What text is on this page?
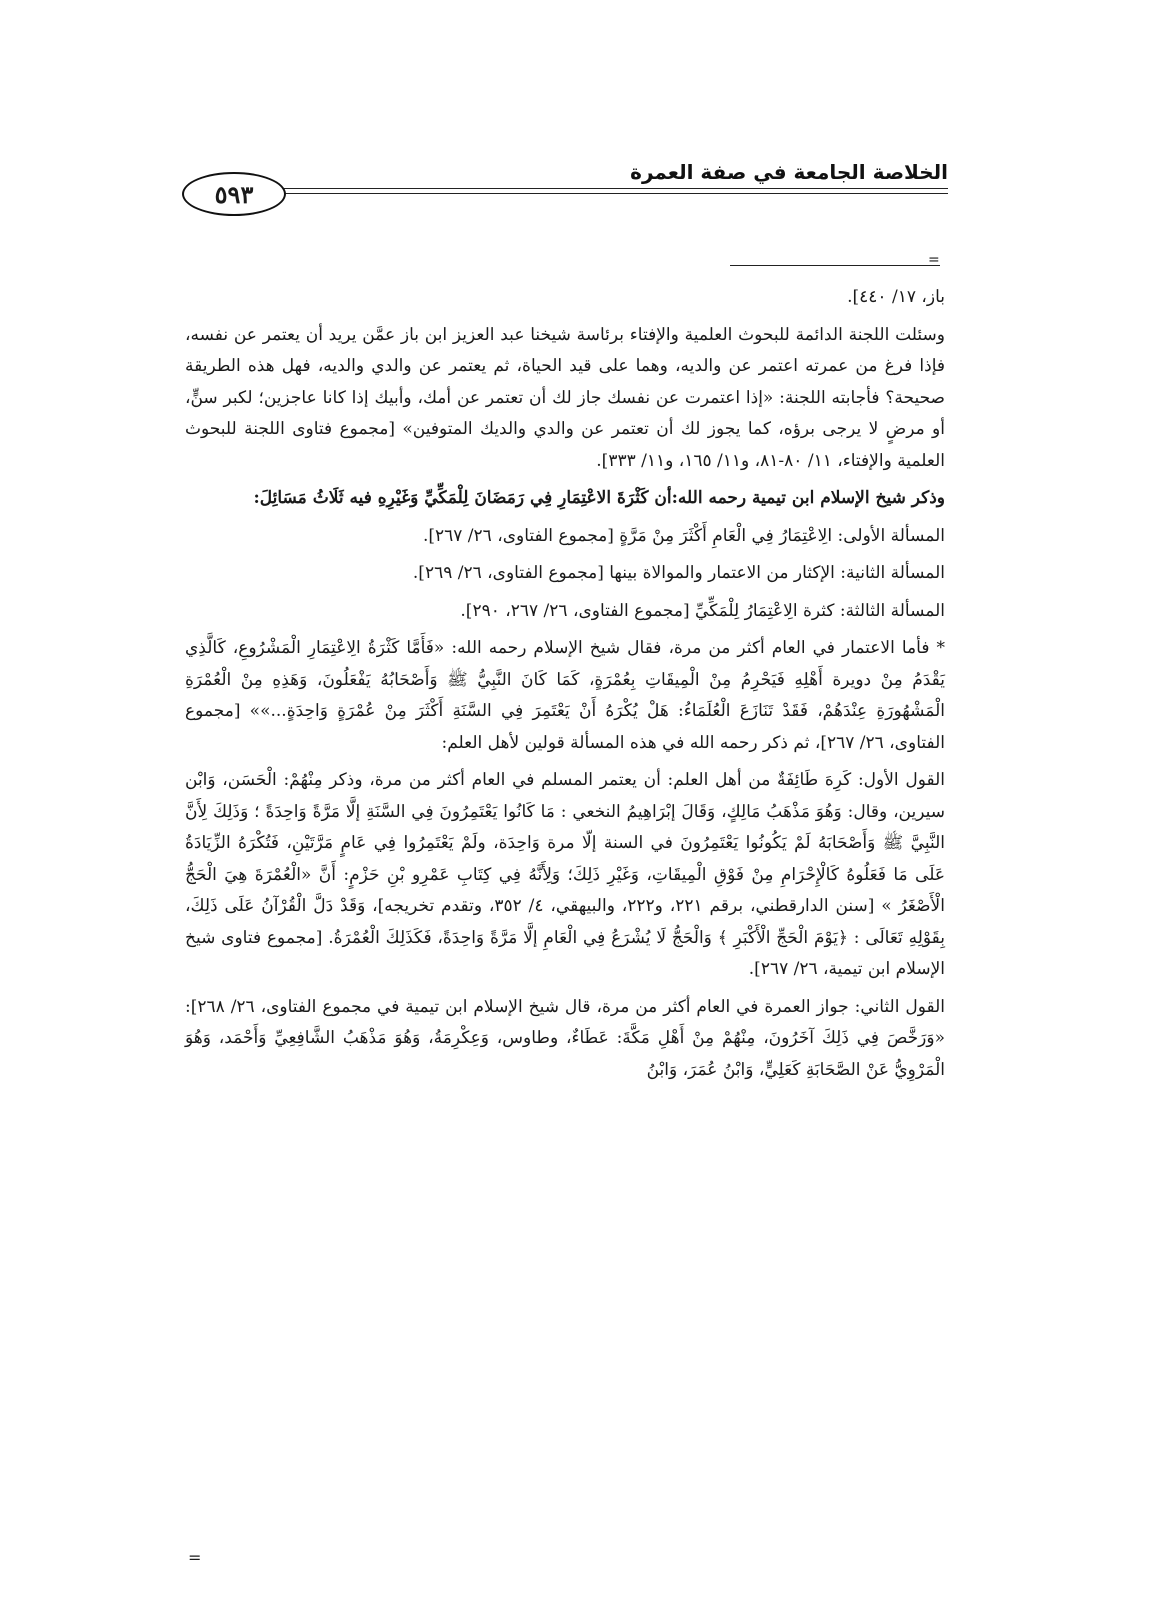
الخلاصة الجامعة في صفة العمرة
٥٩٣
=

باز، ١٧/ ٤٤٠].

وسئلت اللجنة الدائمة للبحوث العلمية والإفتاء برئاسة شيخنا عبد العزيز ابن باز عمَّن يريد أن يعتمر عن نفسه، فإذا فرغ من عمرته اعتمر عن والديه، وهما على قيد الحياة، ثم يعتمر عن والدي والديه، فهل هذه الطريقة صحيحة؟ فأجابته اللجنة: «إذا اعتمرت عن نفسك جاز لك أن تعتمر عن أمك، وأبيك إذا كانا عاجزين؛ لكبر سنٍّ، أو مرضٍ لا يرجى برؤه، كما يجوز لك أن تعتمر عن والدي والديك المتوفين» [مجموع فتاوى اللجنة للبحوث العلمية والإفتاء، ١١/ ٨٠-٨١، و١١/ ١٦٥، و١١/ ٣٣٣].

وذكر شيخ الإسلام ابن تيمية رحمه الله:أن كَثْرَةَ الاعْتِمَارِ فِي رَمَضَانَ لِلْمَكِّيِّ وَغَيْرِهِ فيه ثَلَاثُ مَسَائِلَ:

المسألة الأولى: الِاعْتِمَارُ فِي الْعَامِ أَكْثَرَ مِنْ مَرَّةٍ [مجموع الفتاوى، ٢٦/ ٢٦٧].

المسألة الثانية: الإكثار من الاعتمار والموالاة بينها [مجموع الفتاوى، ٢٦/ ٢٦٩].

المسألة الثالثة: كثرة الِاعْتِمَارُ لِلْمَكِّيِّ [مجموع الفتاوى، ٢٦/ ٢٦٧، ٢٩٠].

* فأما الاعتمار في العام أكثر من مرة، فقال شيخ الإسلام رحمه الله: «فَأَمَّا كَثْرَةُ الِاعْتِمَارِ الْمَشْرُوعِ، كَالَّذِي يَقْدَمُ مِنْ دويرة أَهْلِهِ فَيَحْرِمُ مِنْ الْمِيقَاتِ بِعُمْرَةٍ، كَمَا كَانَ النَّبِيُّ ﷺ وَأَصْحَابُهُ يَفْعَلُونَ، وَهَذِهِ مِنْ الْعُمْرَةِ الْمَشْهُورَةِ عِنْدَهُمْ، فَقَدْ تَنَازَعَ الْعُلَمَاءُ: هَلْ يُكْرَهُ أَنْ يَعْتَمِرَ فِي السَّنَةِ أَكْثَرَ مِنْ عُمْرَةٍ وَاحِدَةٍ...»» [مجموع الفتاوى، ٢٦/ ٢٦٧]، ثم ذكر رحمه الله في هذه المسألة قولين لأهل العلم:

القول الأول: كَرِهَ طَائِفَةٌ من أهل العلم: أن يعتمر المسلم في العام أكثر من مرة، وذكر مِنْهُمْ: الْحَسَن، وَابْن سيرين، وقال: وَهُوَ مَذْهَبُ مَالِكٍ، وَقَالَ إبْرَاهِيمُ النخعي : مَا كَانُوا يَعْتَمِرُونَ فِي السَّنَةِ إلَّا مَرَّةً وَاحِدَةً ؛ وَذَلِكَ لِأَنَّ النَّبِيَّ ﷺ وَأَصْحَابَهُ لَمْ يَكُونُوا يَعْتَمِرُونَ في السنة إلّا مرة وَاحِدَة، ولَمْ يَعْتَمِرُوا فِي عَامٍ مَرَّتَيْنِ، فَتُكْرَهُ الزِّيَادَةُ عَلَى مَا فَعَلُوهُ كَالْإِحْرَامِ مِنْ فَوْقِ الْمِيقَاتِ، وَغَيْرِ ذَلِكَ؛ وَلِأَنَّهُ فِي كِتَابِ عَمْرِو بْنِ حَزْمٍ: أَنَّ «الْعُمْرَةَ هِيَ الْحَجُّ الْأَصْغَرُ » [سنن الدارقطني، برقم ٢٢١، و٢٢٢، والبيهقي، ٤/ ٣٥٢، وتقدم تخريجه]، وَقَدْ دَلَّ الْقُرْآنُ عَلَى ذَلِكَ، بِقَوْلِهِ تَعَالَى : ﴿يَوْمَ الْحَجِّ الْأَكْبَرِ ﴾ وَالْحَجُّ لَا يُشْرَعُ فِي الْعَامِ إلَّا مَرَّةً وَاحِدَةً، فَكَذَلِكَ الْعُمْرَةُ. [مجموع فتاوى شيخ الإسلام ابن تيمية، ٢٦/ ٢٦٧].

القول الثاني: جواز العمرة في العام أكثر من مرة، قال شيخ الإسلام ابن تيمية في مجموع الفتاوى، ٢٦/ ٢٦٨]: «وَرَخَّصَ فِي ذَلِكَ آخَرُونَ، مِنْهُمْ مِنْ أَهْلِ مَكَّةَ: عَطَاءٌ، وطاوس، وَعِكْرِمَةُ، وَهُوَ مَذْهَبُ الشَّافِعِيِّ وَأَحْمَد، وَهُوَ الْمَرْوِيُّ عَنْ الصَّحَابَةِ كَعَلِيٍّ، وَابْنُ عُمَرَ، وَابْنُ

=
